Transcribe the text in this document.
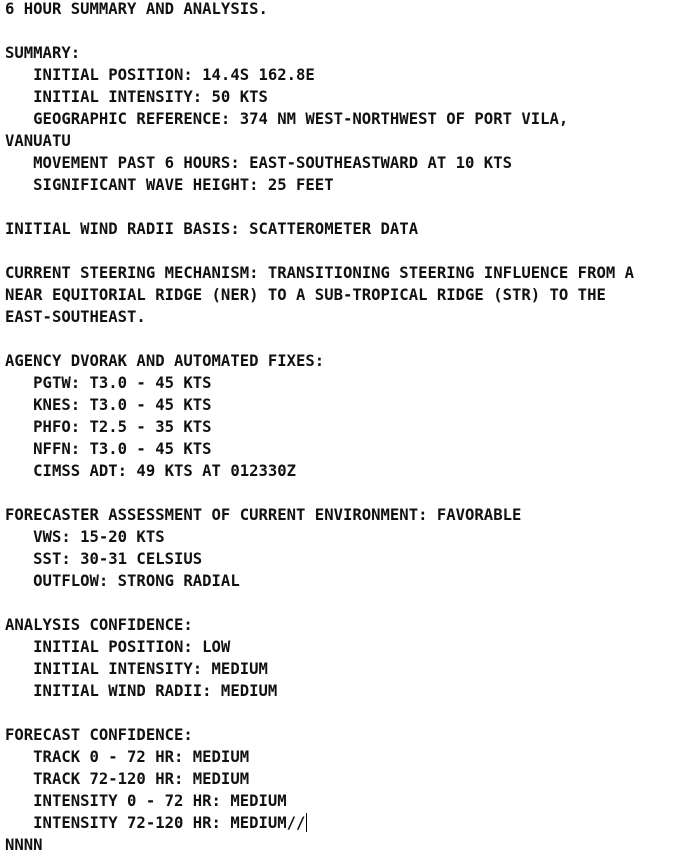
6 HOUR SUMMARY AND ANALYSIS.
SUMMARY:
INITIAL POSITION: 14.4S 162.8E
INITIAL INTENSITY: 50 KTS
GEOGRAPHIC REFERENCE: 374 NM WEST-NORTHWEST OF PORT VILA,
VANUATU
MOVEMENT PAST 6 HOURS: EAST-SOUTHEASTWARD AT 10 KTS
SIGNIFICANT WAVE HEIGHT: 25 FEET
INITIAL WIND RADII BASIS: SCATTEROMETER DATA
CURRENT STEERING MECHANISM: TRANSITIONING STEERING INFLUENCE FROM A
NEAR EQUITORIAL RIDGE (NER) TO A SUB-TROPICAL RIDGE (STR) TO THE
EAST-SOUTHEAST.
AGENCY DVORAK AND AUTOMATED FIXES:
PGTW: T3.0 - 45 KTS
KNES: T3.0 - 45 KTS
PHFO: T2.5 - 35 KTS
NFFN: T3.0 - 45 KTS
CIMSS ADT: 49 KTS AT 012330Z
FORECASTER ASSESSMENT OF CURRENT ENVIRONMENT: FAVORABLE
VWS: 15-20 KTS
SST: 30-31 CELSIUS
OUTFLOW: STRONG RADIAL
ANALYSIS CONFIDENCE:
INITIAL POSITION: LOW
INITIAL INTENSITY: MEDIUM
INITIAL WIND RADII: MEDIUM
FORECAST CONFIDENCE:
TRACK 0 - 72 HR: MEDIUM
TRACK 72-120 HR: MEDIUM
INTENSITY 0 - 72 HR: MEDIUM
INTENSITY 72-120 HR: MEDIUM//
NNNN
